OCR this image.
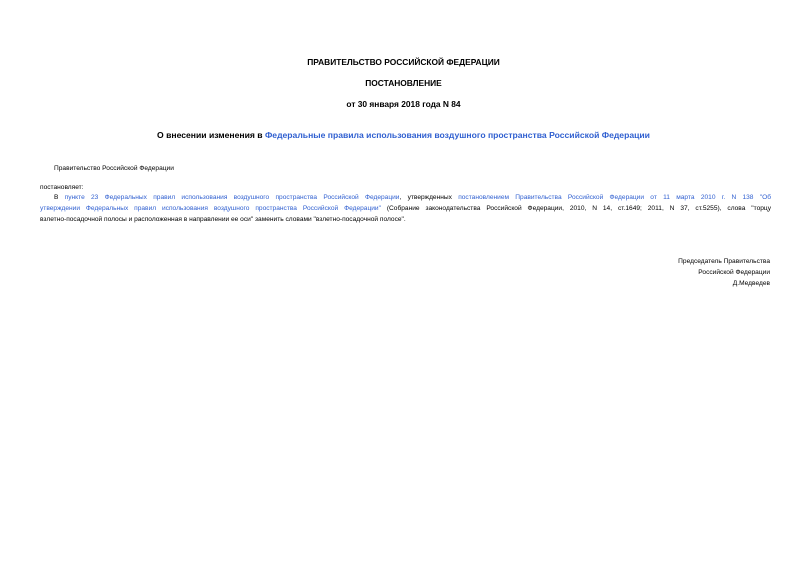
ПРАВИТЕЛЬСТВО РОССИЙСКОЙ ФЕДЕРАЦИИ
ПОСТАНОВЛЕНИЕ
от 30 января 2018 года N 84
О внесении изменения в Федеральные правила использования воздушного пространства Российской Федерации
Правительство Российской Федерации
постановляет:
В пункте 23 Федеральных правил использования воздушного пространства Российской Федерации, утвержденных постановлением Правительства Российской Федерации от 11 марта 2010 г. N 138 "Об
утверждении Федеральных правил использования воздушного пространства Российской Федерации" (Собрание законодательства Российской Федерации, 2010, N 14, ст.1649; 2011, N 37, ст.5255), слова "торцу
взлетно-посадочной полосы и расположенная в направлении ее оси" заменить словами "взлетно-посадочной полосе".
Председатель Правительства
Российской Федерации
Д.Медведев
